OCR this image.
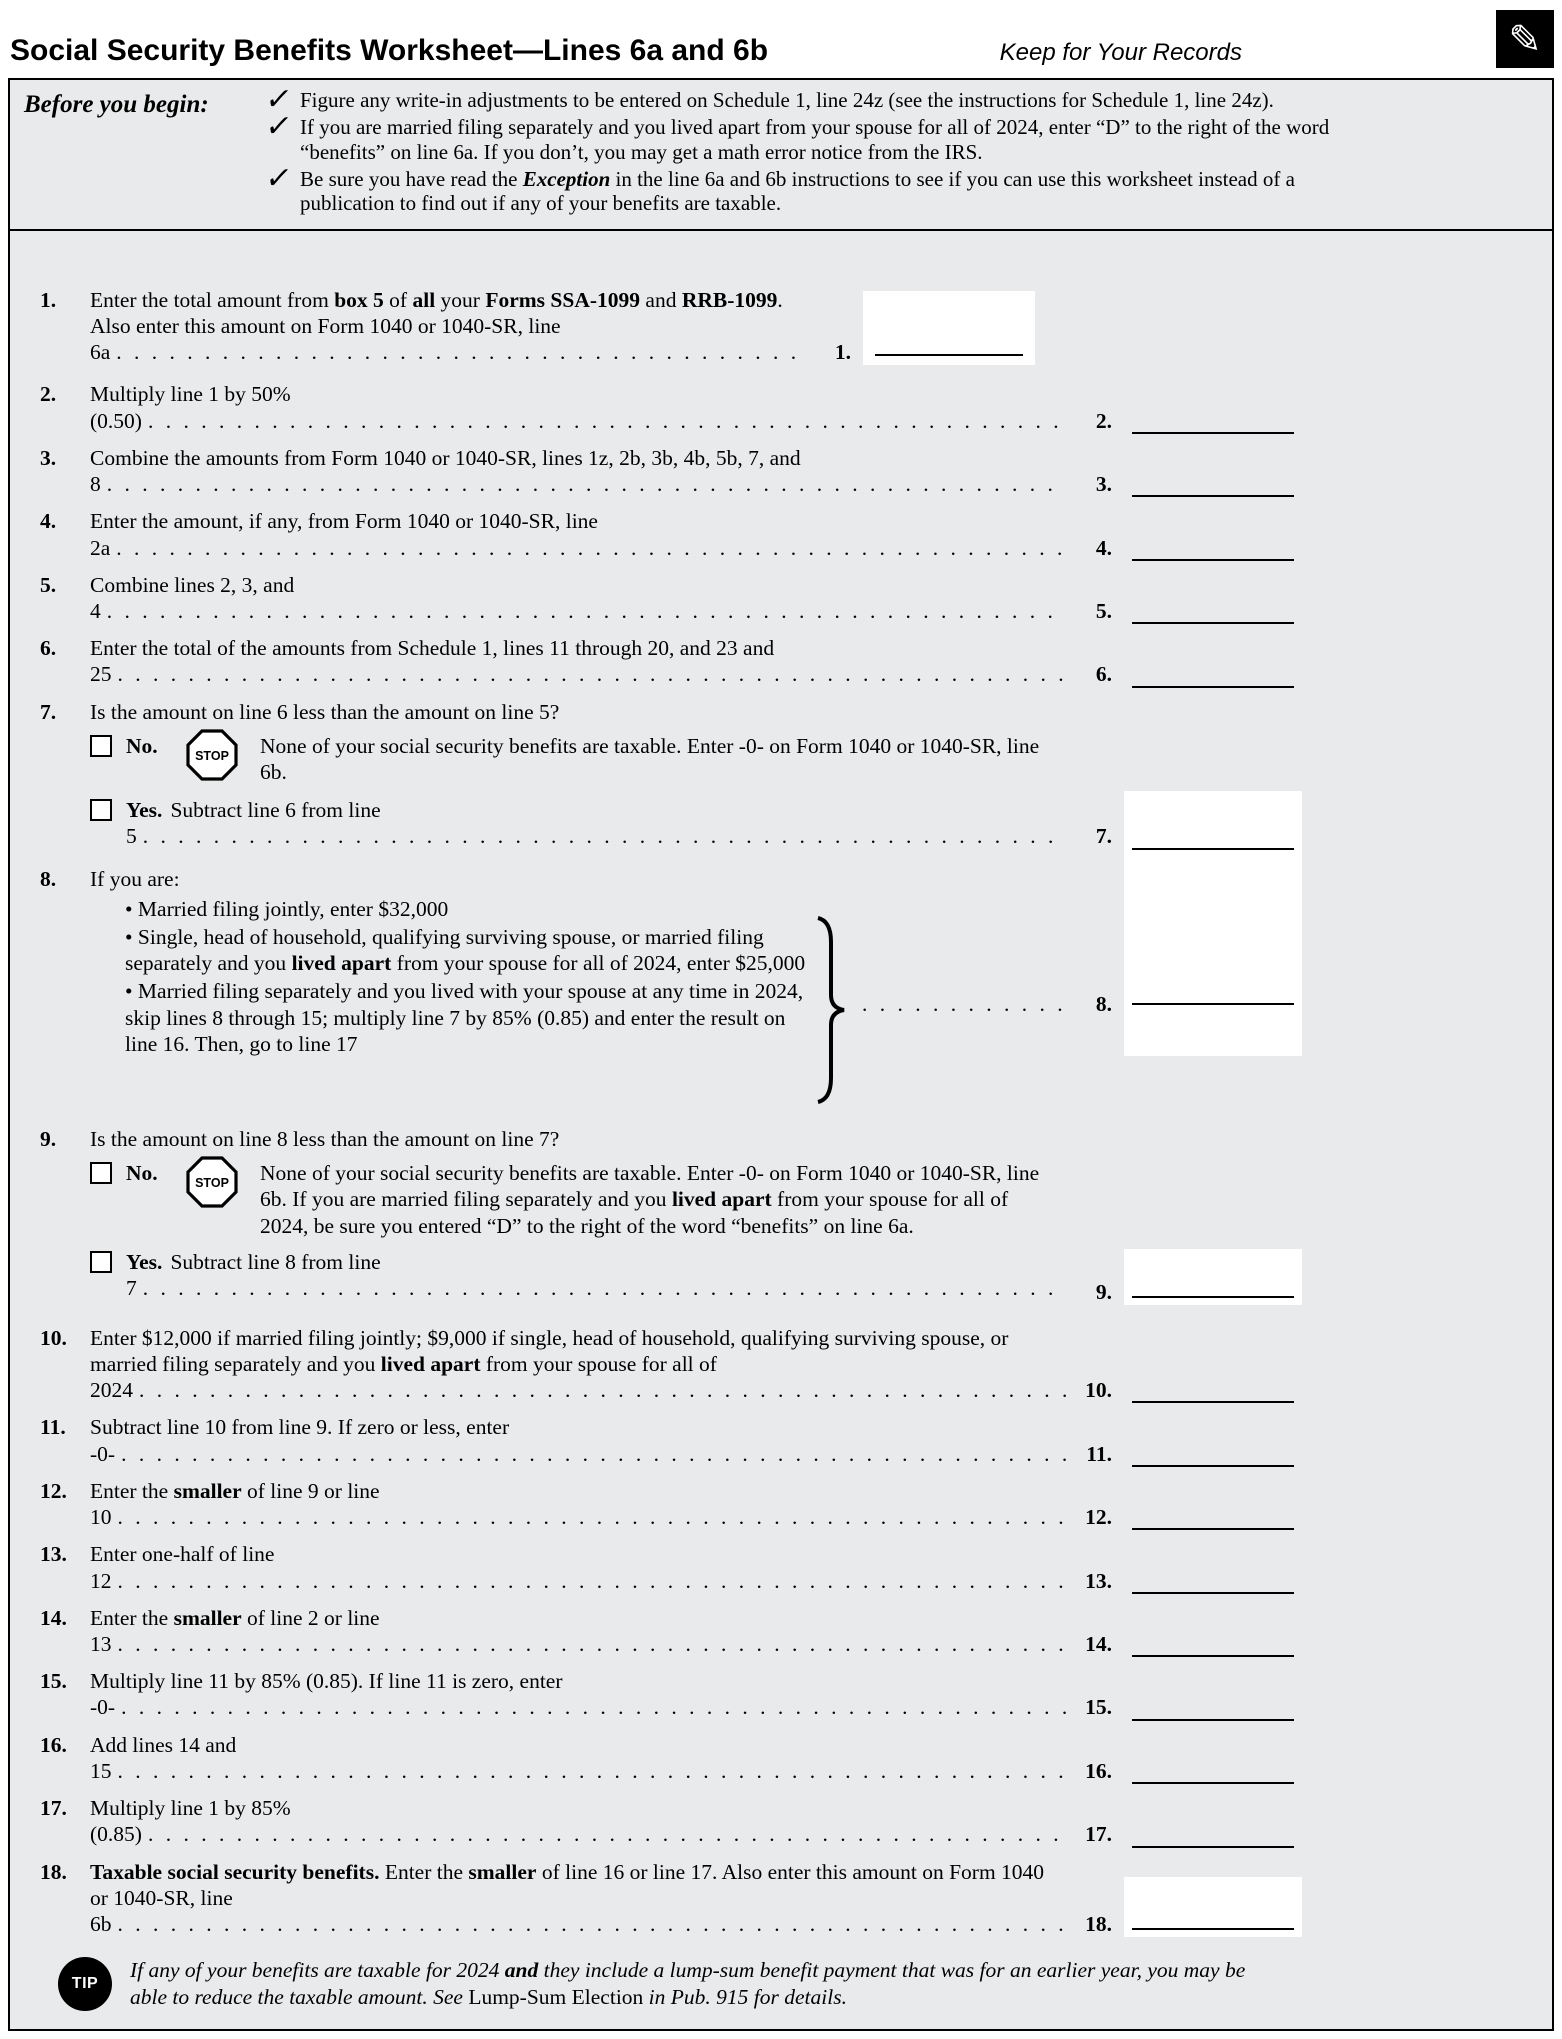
Social Security Benefits Worksheet—Lines 6a and 6b	Keep for Your Records	✎
Before you begin:	✓ Figure any write-in adjustments to be entered on Schedule 1, line 24z (see the instructions for Schedule 1, line 24z).
✓ If you are married filing separately and you lived apart from your spouse for all of 2024, enter “D” to the right of the word “benefits” on line 6a. If you don’t, you may get a math error notice from the IRS.
✓ Be sure you have read the Exception in the line 6a and 6b instructions to see if you can use this worksheet instead of a publication to find out if any of your benefits are taxable.
1.	Enter the total amount from box 5 of all your Forms SSA-1099 and RRB-1099. Also enter this amount on Form 1040 or 1040-SR, line 6a . . .	1.
2.	Multiply line 1 by 50% (0.50) . . .	2.
3.	Combine the amounts from Form 1040 or 1040-SR, lines 1z, 2b, 3b, 4b, 5b, 7, and 8 . . .	3.
4.	Enter the amount, if any, from Form 1040 or 1040-SR, line 2a . . .	4.
5.	Combine lines 2, 3, and 4 . . .	5.
6.	Enter the total of the amounts from Schedule 1, lines 11 through 20, and 23 and 25 . . .	6.
7.	Is the amount on line 6 less than the amount on line 5?
No.	STOP None of your social security benefits are taxable. Enter -0- on Form 1040 or 1040-SR, line 6b.
Yes. Subtract line 6 from line 5 . . .	7.
8.	If you are:
• Married filing jointly, enter $32,000
• Single, head of household, qualifying surviving spouse, or married filing separately and you lived apart from your spouse for all of 2024, enter $25,000
• Married filing separately and you lived with your spouse at any time in 2024, skip lines 8 through 15; multiply line 7 by 85% (0.85) and enter the result on line 16. Then, go to line 17
. . .
8.
9.	Is the amount on line 8 less than the amount on line 7?
No.	STOP None of your social security benefits are taxable. Enter -0- on Form 1040 or 1040-SR, line 6b. If you are married filing separately and you lived apart from your spouse for all of 2024, be sure you entered “D” to the right of the word “benefits” on line 6a.
Yes. Subtract line 8 from line 7 . . .	9.
10.	Enter $12,000 if married filing jointly; $9,000 if single, head of household, qualifying surviving spouse, or married filing separately and you lived apart from your spouse for all of 2024 . . .	10.
11.	Subtract line 10 from line 9. If zero or less, enter -0- . . .	11.
12.	Enter the smaller of line 9 or line 10 . . .	12.
13.	Enter one-half of line 12 . . .	13.
14.	Enter the smaller of line 2 or line 13 . . .	14.
15.	Multiply line 11 by 85% (0.85). If line 11 is zero, enter -0- . . .	15.
16.	Add lines 14 and 15 . . .	16.
17.	Multiply line 1 by 85% (0.85) . . .	17.
18.	Taxable social security benefits. Enter the smaller of line 16 or line 17. Also enter this amount on Form 1040 or 1040-SR, line 6b . . .	18.
TIP
If any of your benefits are taxable for 2024 and they include a lump-sum benefit payment that was for an earlier year, you may be able to reduce the taxable amount. See Lump-Sum Election in Pub. 915 for details.
